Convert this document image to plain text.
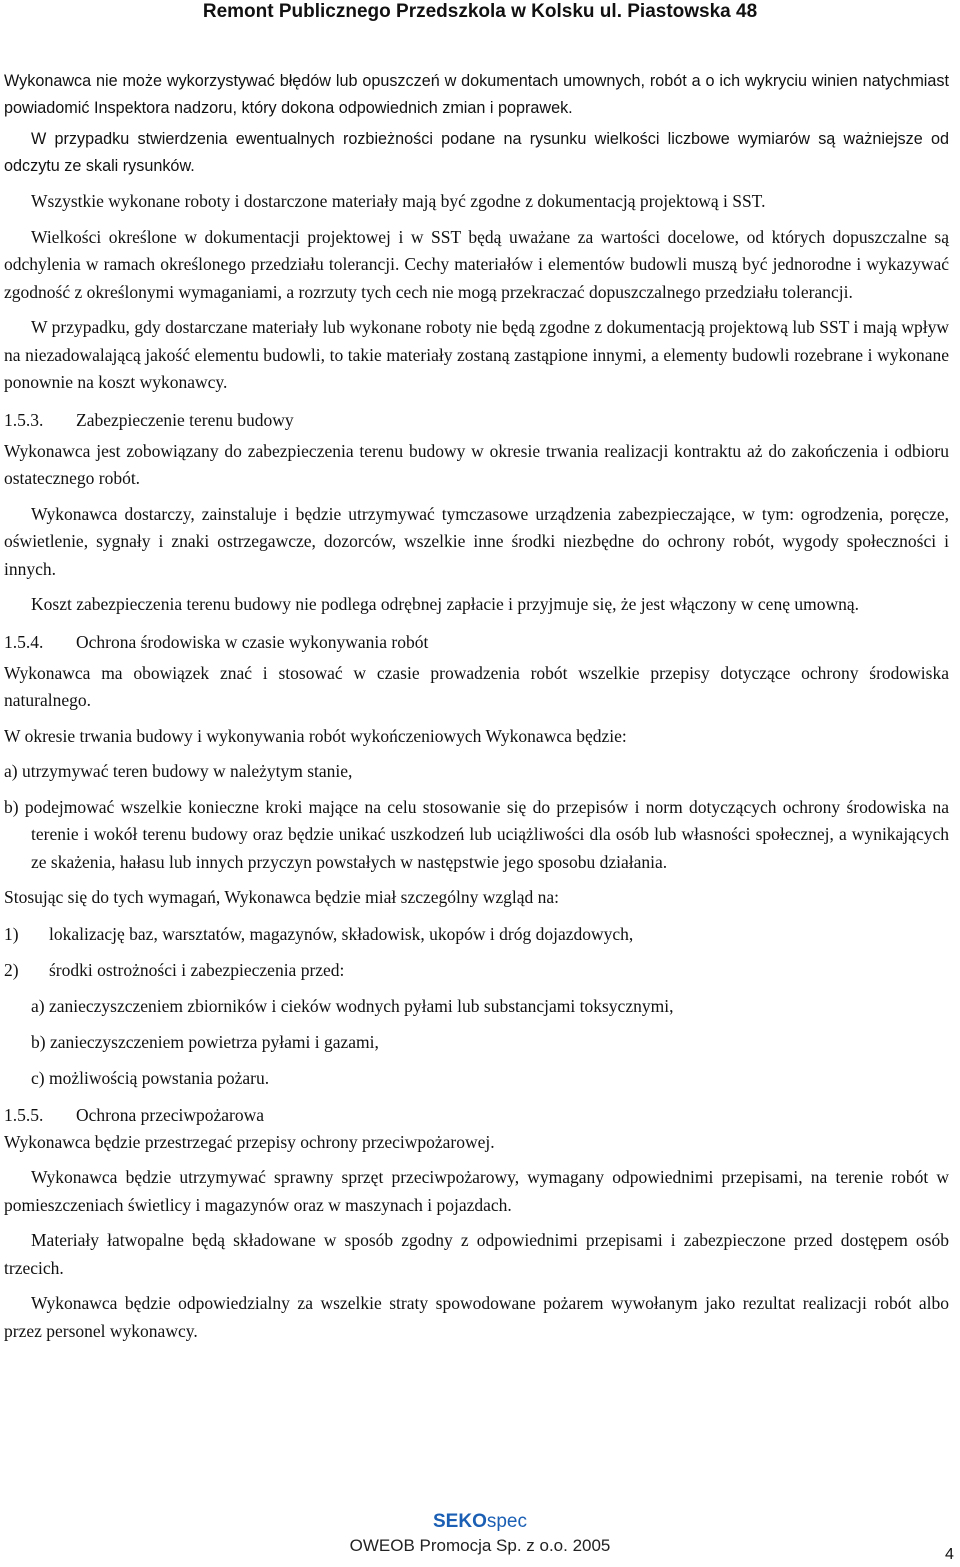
Remont Publicznego Przedszkola w Kolsku ul. Piastowska 48

Wykonawca nie może wykorzystywać błędów lub opuszczeń w dokumentach umownych, robót a o ich wykryciu winien natychmiast powiadomić Inspektora nadzoru, który dokona odpowiednich zmian i poprawek.

W przypadku stwierdzenia ewentualnych rozbieżności podane na rysunku wielkości liczbowe wymiarów są ważniejsze od odczytu ze skali rysunków.

Wszystkie wykonane roboty i dostarczone materiały mają być zgodne z dokumentacją projektową i SST.

Wielkości określone w dokumentacji projektowej i w SST będą uważane za wartości docelowe, od których dopuszczalne są odchylenia w ramach określonego przedziału tolerancji. Cechy materiałów i elementów budowli muszą być jednorodne i wykazywać zgodność z określonymi wymaganiami, a rozrzuty tych cech nie mogą przekraczać dopuszczalnego przedziału tolerancji.

W przypadku, gdy dostarczane materiały lub wykonane roboty nie będą zgodne z dokumentacją projektową lub SST i mają wpływ na niezadowalającą jakość elementu budowli, to takie materiały zostaną zastąpione innymi, a elementy budowli rozebrane i wykonane ponownie na koszt wykonawcy.

1.5.3. Zabezpieczenie terenu budowy

Wykonawca jest zobowiązany do zabezpieczenia terenu budowy w okresie trwania realizacji kontraktu aż do zakończenia i odbioru ostatecznego robót.

Wykonawca dostarczy, zainstaluje i będzie utrzymywać tymczasowe urządzenia zabezpieczające, w tym: ogrodzenia, poręcze, oświetlenie, sygnały i znaki ostrzegawcze, dozorców, wszelkie inne środki niezbędne do ochrony robót, wygody społeczności i innych.

Koszt zabezpieczenia terenu budowy nie podlega odrębnej zapłacie i przyjmuje się, że jest włączony w cenę umowną.

1.5.4. Ochrona środowiska w czasie wykonywania robót

Wykonawca ma obowiązek znać i stosować w czasie prowadzenia robót wszelkie przepisy dotyczące ochrony środowiska naturalnego.

W okresie trwania budowy i wykonywania robót wykończeniowych Wykonawca będzie:

a) utrzymywać teren budowy w należytym stanie,

b) podejmować wszelkie konieczne kroki mające na celu stosowanie się do przepisów i norm dotyczących ochrony środowiska na terenie i wokół terenu budowy oraz będzie unikać uszkodzeń lub uciążliwości dla osób lub własności społecznej, a wynikających ze skażenia, hałasu lub innych przyczyn powstałych w następstwie jego sposobu działania.

Stosując się do tych wymagań, Wykonawca będzie miał szczególny wzgląd na:

1)	lokalizację baz, warsztatów, magazynów, składowisk, ukopów i dróg dojazdowych,
2)	środki ostrożności i zabezpieczenia przed:
a) zanieczyszczeniem zbiorników i cieków wodnych pyłami lub substancjami toksycznymi,
b) zanieczyszczeniem powietrza pyłami i gazami,
c) możliwością powstania pożaru.
1.5.5. Ochrona przeciwpożarowa

Wykonawca będzie przestrzegać przepisy ochrony przeciwpożarowej.

Wykonawca będzie utrzymywać sprawny sprzęt przeciwpożarowy, wymagany odpowiednimi przepisami, na terenie robót w pomieszczeniach świetlicy i magazynów oraz w maszynach i pojazdach.

Materiały łatwopalne będą składowane w sposób zgodny z odpowiednimi przepisami i zabezpieczone przed dostępem osób trzecich.

Wykonawca będzie odpowiedzialny za wszelkie straty spowodowane pożarem wywołanym jako rezultat realizacji robót albo przez personel wykonawcy.

SEKOspec
OWEOB Promocja Sp. z o.o. 2005	4
